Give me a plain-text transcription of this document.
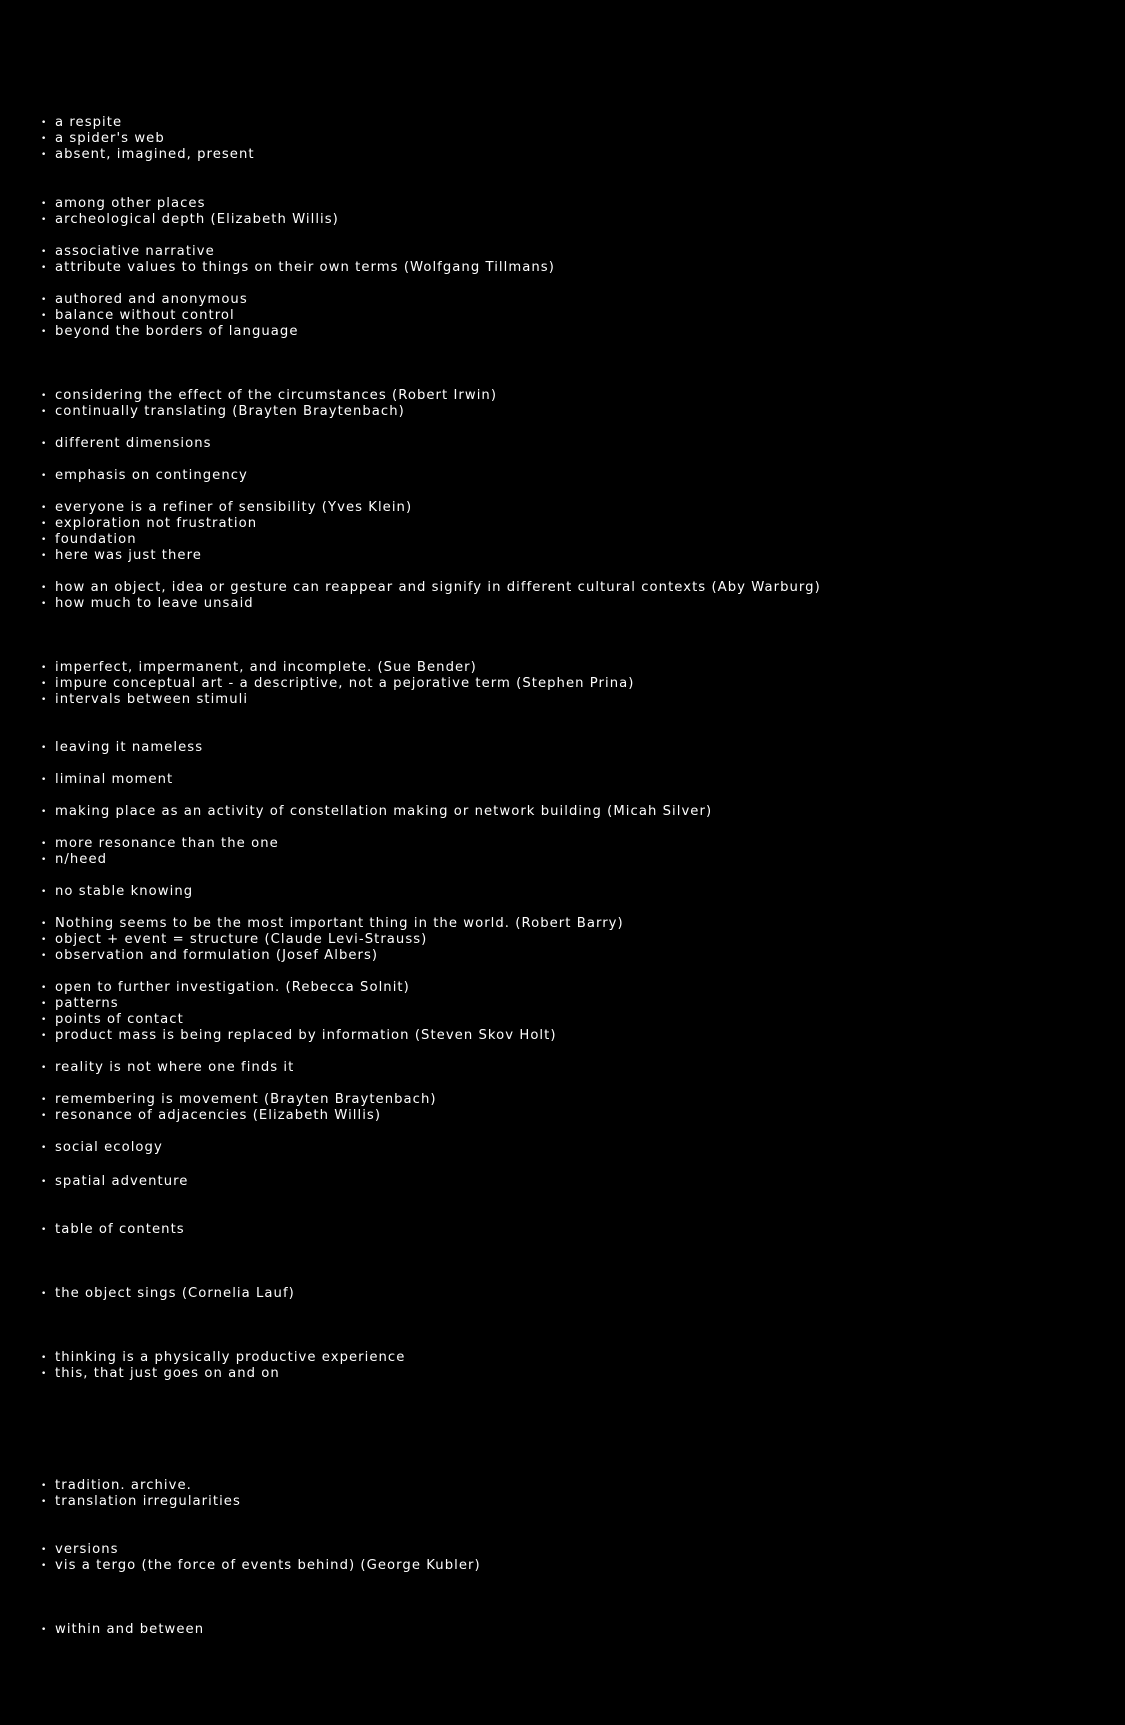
• a respite
• a spider's web
• absent, imagined, present
• among other places
• archeological depth (Elizabeth Willis)
• associative narrative
• attribute values to things on their own terms (Wolfgang Tillmans)
• authored and anonymous
• balance without control
• beyond the borders of language
• considering the effect of the circumstances (Robert Irwin)
• continually translating (Brayten Braytenbach)
• different dimensions
• emphasis on contingency
• everyone is a refiner of sensibility (Yves Klein)
• exploration not frustration
• foundation
• here was just there
• how an object, idea or gesture can reappear and signify in different cultural contexts (Aby Warburg)
• how much to leave unsaid
• imperfect, impermanent, and incomplete. (Sue Bender)
• impure conceptual art - a descriptive, not a pejorative term (Stephen Prina)
• intervals between stimuli
• leaving it nameless
• liminal moment
• making place as an activity of constellation making or network building (Micah Silver)
• more resonance than the one
• n/heed
• no stable knowing
• Nothing seems to be the most important thing in the world. (Robert Barry)
• object + event = structure (Claude Levi-Strauss)
• observation and formulation (Josef Albers)
• open to further investigation. (Rebecca Solnit)
• patterns
• points of contact
• product mass is being replaced by information (Steven Skov Holt)
• reality is not where one finds it
• remembering is movement (Brayten Braytenbach)
• resonance of adjacencies (Elizabeth Willis)
• social ecology
• spatial adventure
• table of contents
• the object sings (Cornelia Lauf)
• thinking is a physically productive experience
• this, that just goes on and on
• tradition. archive.
• translation irregularities
• versions
• vis a tergo (the force of events behind) (George Kubler)
• within and between
